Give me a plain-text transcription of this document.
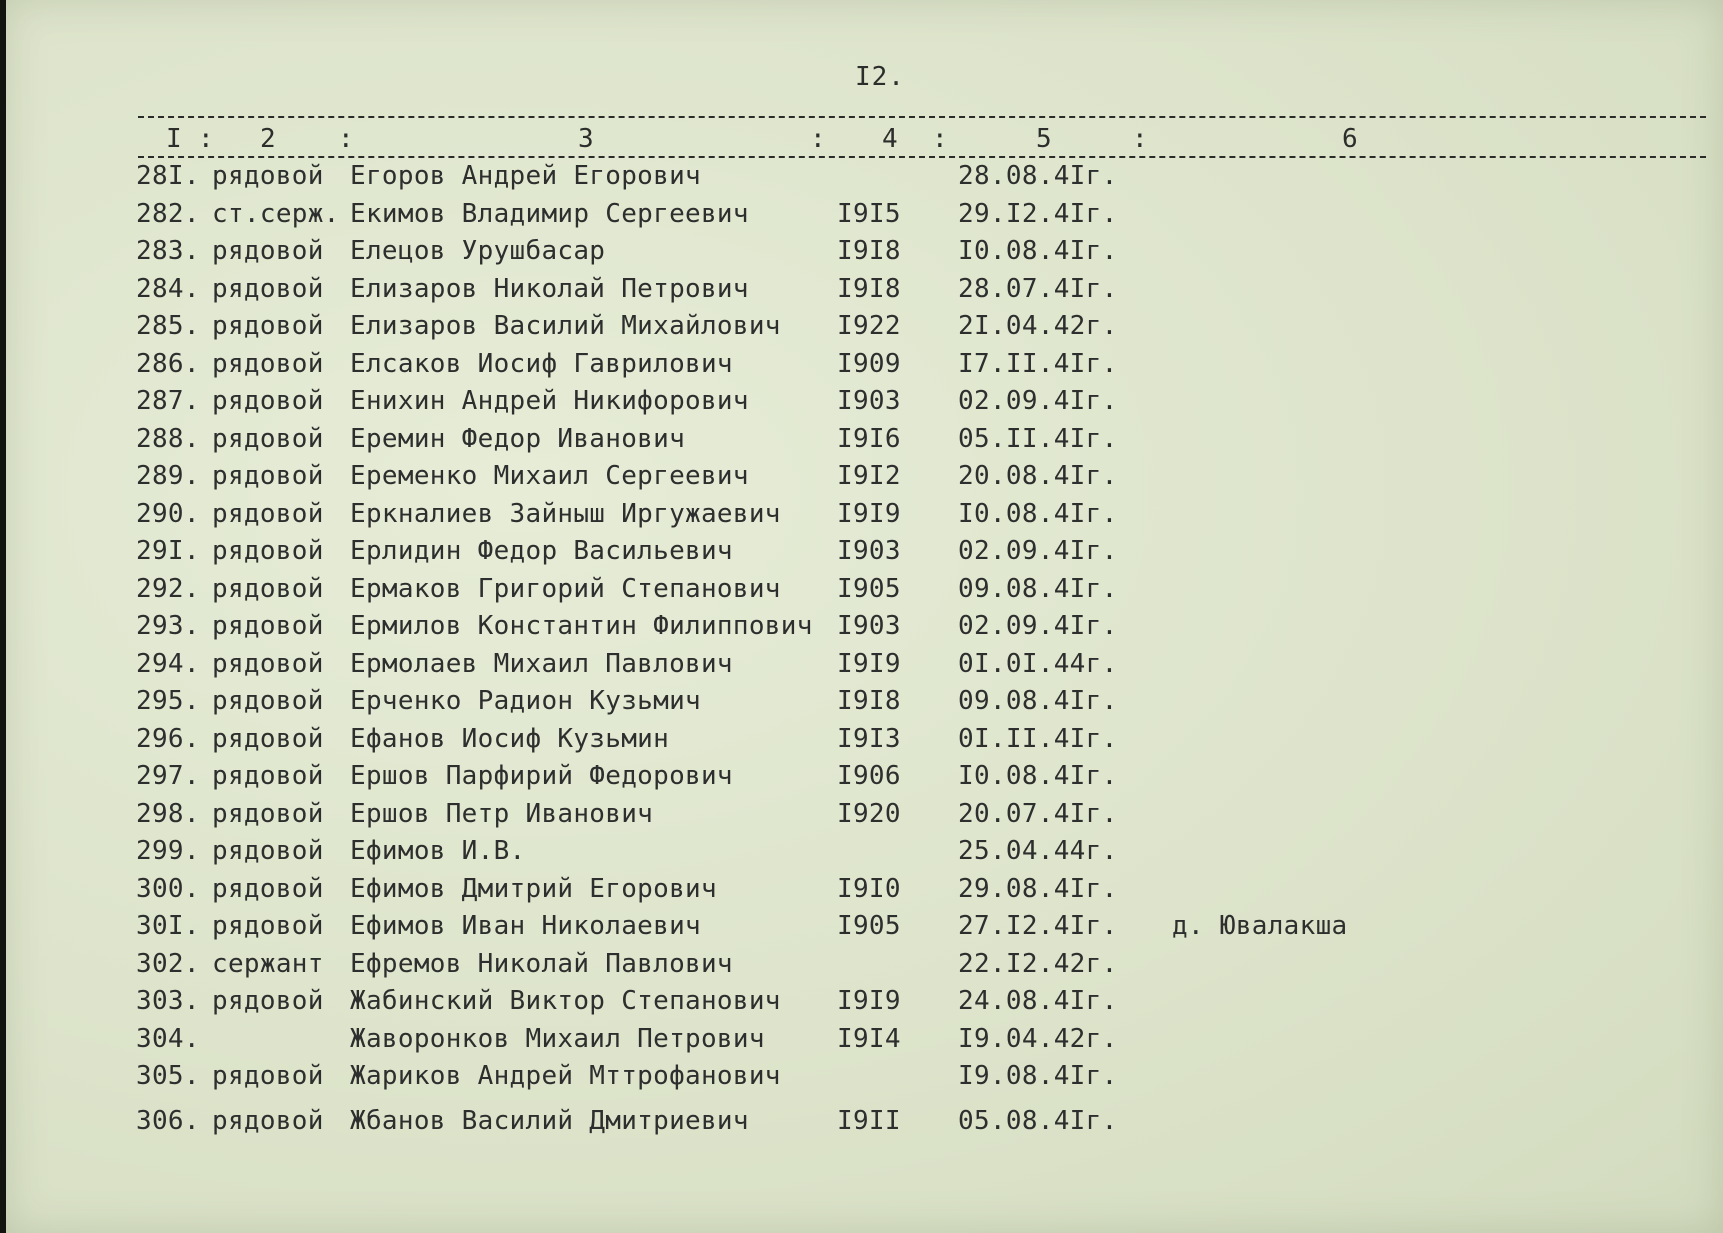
I2.
I : 2 :	3	: 4 :	5	:	6
28I. рядовой Егоров Андрей Егорович	28.08.4Iг.
282. ст.серж. Екимов Владимир Сергеевич	I9I5 29.I2.4Iг.
283. рядовой Елецов Урушбасар	I9I8 I0.08.4Iг.
284. рядовой Елизаров Николай Петрович	I9I8 28.07.4Iг.
285. рядовой Елизаров Василий Михайлович I922 2I.04.42г.
286. рядовой Елсаков Иосиф Гаврилович	I909 I7.II.4Iг.
287. рядовой Енихин Андрей Никифорович	I903 02.09.4Iг.
288. рядовой Еремин Федор Иванович	I9I6 05.II.4Iг.
289. рядовой Еременко Михаил Сергеевич	I9I2 20.08.4Iг.
290. рядовой Еркналиев Зайныш Иргужаевич I9I9 I0.08.4Iг.
29I. рядовой Ерлидин Федор Васильевич	I903 02.09.4Iг.
292. рядовой Ермаков Григорий Степанович I905 09.08.4Iг.
293. рядовой Ермилов Константин Филиппович I903 02.09.4Iг.
294. рядовой Ермолаев Михаил Павлович	I9I9 0I.0I.44г.
295. рядовой Ерченко Радион Кузьмич	I9I8 09.08.4Iг.
296. рядовой Ефанов Иосиф Кузьмин	I9I3 0I.II.4Iг.
297. рядовой Ершов Парфирий Федорович	I906 I0.08.4Iг.
298. рядовой Ершов Петр Иванович	I920 20.07.4Iг.
299. рядовой Ефимов И.В.	25.04.44г.
300. рядовой Ефимов Дмитрий Егорович	I9I0 29.08.4Iг.
30I. рядовой Ефимов Иван Николаевич	I905 27.I2.4Iг. д. Ювалакша
302. сержант Ефремов Николай Павлович	22.I2.42г.
303. рядовой Жабинский Виктор Степанович I9I9 24.08.4Iг.
304.	Жаворонков Михаил Петрович	I9I4 I9.04.42г.
305. рядовой Жариков Андрей Мттрофанович	I9.08.4Iг.
306. рядовой Жбанов Василий Дмитриевич	I9II 05.08.4Iг.
